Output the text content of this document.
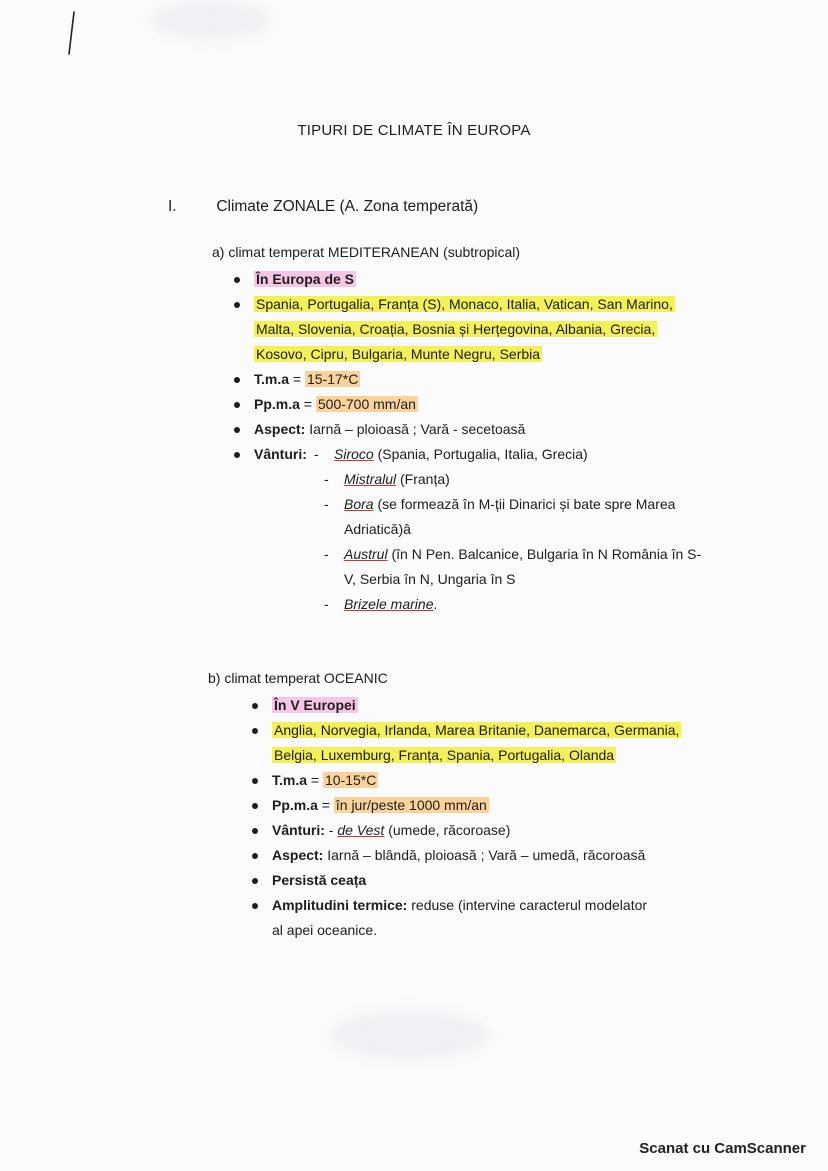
TIPURI DE CLIMATE ÎN EUROPA
I.	Climate ZONALE (A. Zona temperată)
a) climat temperat MEDITERANEAN (subtropical)
În Europa de S
Spania, Portugalia, Franța (S), Monaco, Italia, Vatican, San Marino, Malta, Slovenia, Croația, Bosnia și Herțegovina, Albania, Grecia, Kosovo, Cipru, Bulgaria, Munte Negru, Serbia
T.m.a = 15-17*C
Pp.m.a = 500-700 mm/an
Aspect: Iarnă – ploioasă ; Vară - secetoasă
Vânturi:
-	Siroco (Spania, Portugalia, Italia, Grecia)
- Mistralul (Franța)
- Bora (se formează în M-ții Dinarici și bate spre Marea Adriatică)â
- Austrul (în N Pen. Balcanice, Bulgaria în N România în S-V, Serbia în N, Ungaria în S
- Brizele marine.
b) climat temperat OCEANIC
În V Europei
Anglia, Norvegia, Irlanda, Marea Britanie, Danemarca, Germania, Belgia, Luxemburg, Franța, Spania, Portugalia, Olanda
T.m.a = 10-15*C
Pp.m.a = în jur/peste 1000 mm/an
Vânturi: - de Vest (umede, răcoroase)
Aspect: Iarnă – blândă, ploioasă ; Vară – umedă, răcoroasă
Persistă ceața
Amplitudini termice: reduse (intervine caracterul modelator al apei oceanice.
Scanat cu CamScanner
